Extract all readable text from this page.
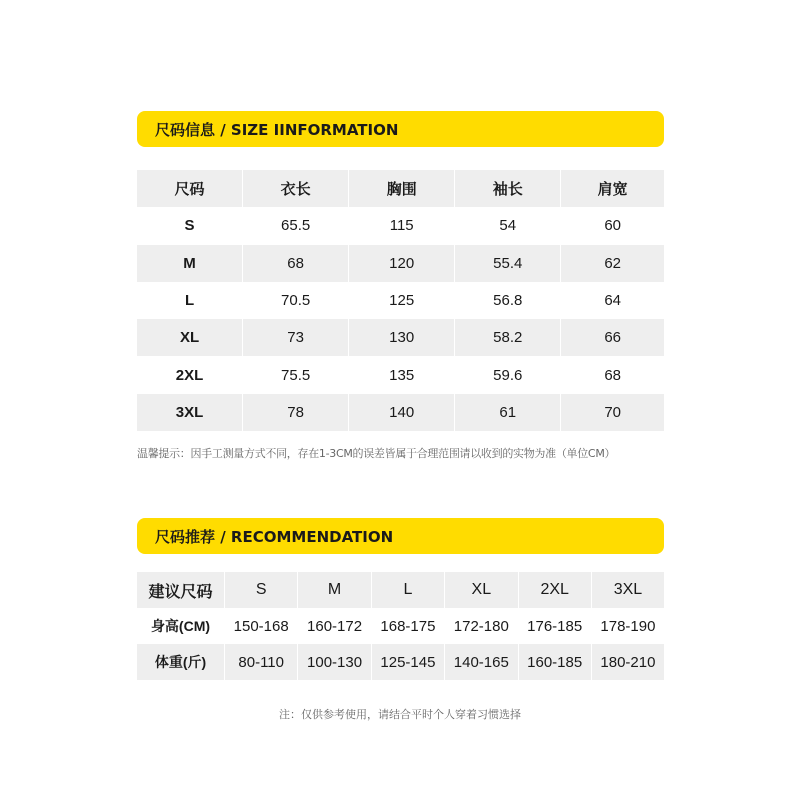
尺码信息 / SIZE IINFORMATION
尺码	衣长	胸围	袖长	肩宽
S	65.5	115	54	60
M	68	120	55.4	62
L	70.5	125	56.8	64
XL	73	130	58.2	66
2XL	75.5	135	59.6	68
3XL	78	140	61	70
温馨提示：因手工测量方式不同，存在1-3CM的误差皆属于合理范围请以收到的实物为准（单位CM）
尺码推荐 / RECOMMENDATION
建议尺码	S	M	L	XL	2XL	3XL
身高(CM)	150-168	160-172	168-175	172-180	176-185	178-190
体重(斤)	80-110	100-130	125-145	140-165	160-185	180-210
注：仅供参考使用，请结合平时个人穿着习惯选择
